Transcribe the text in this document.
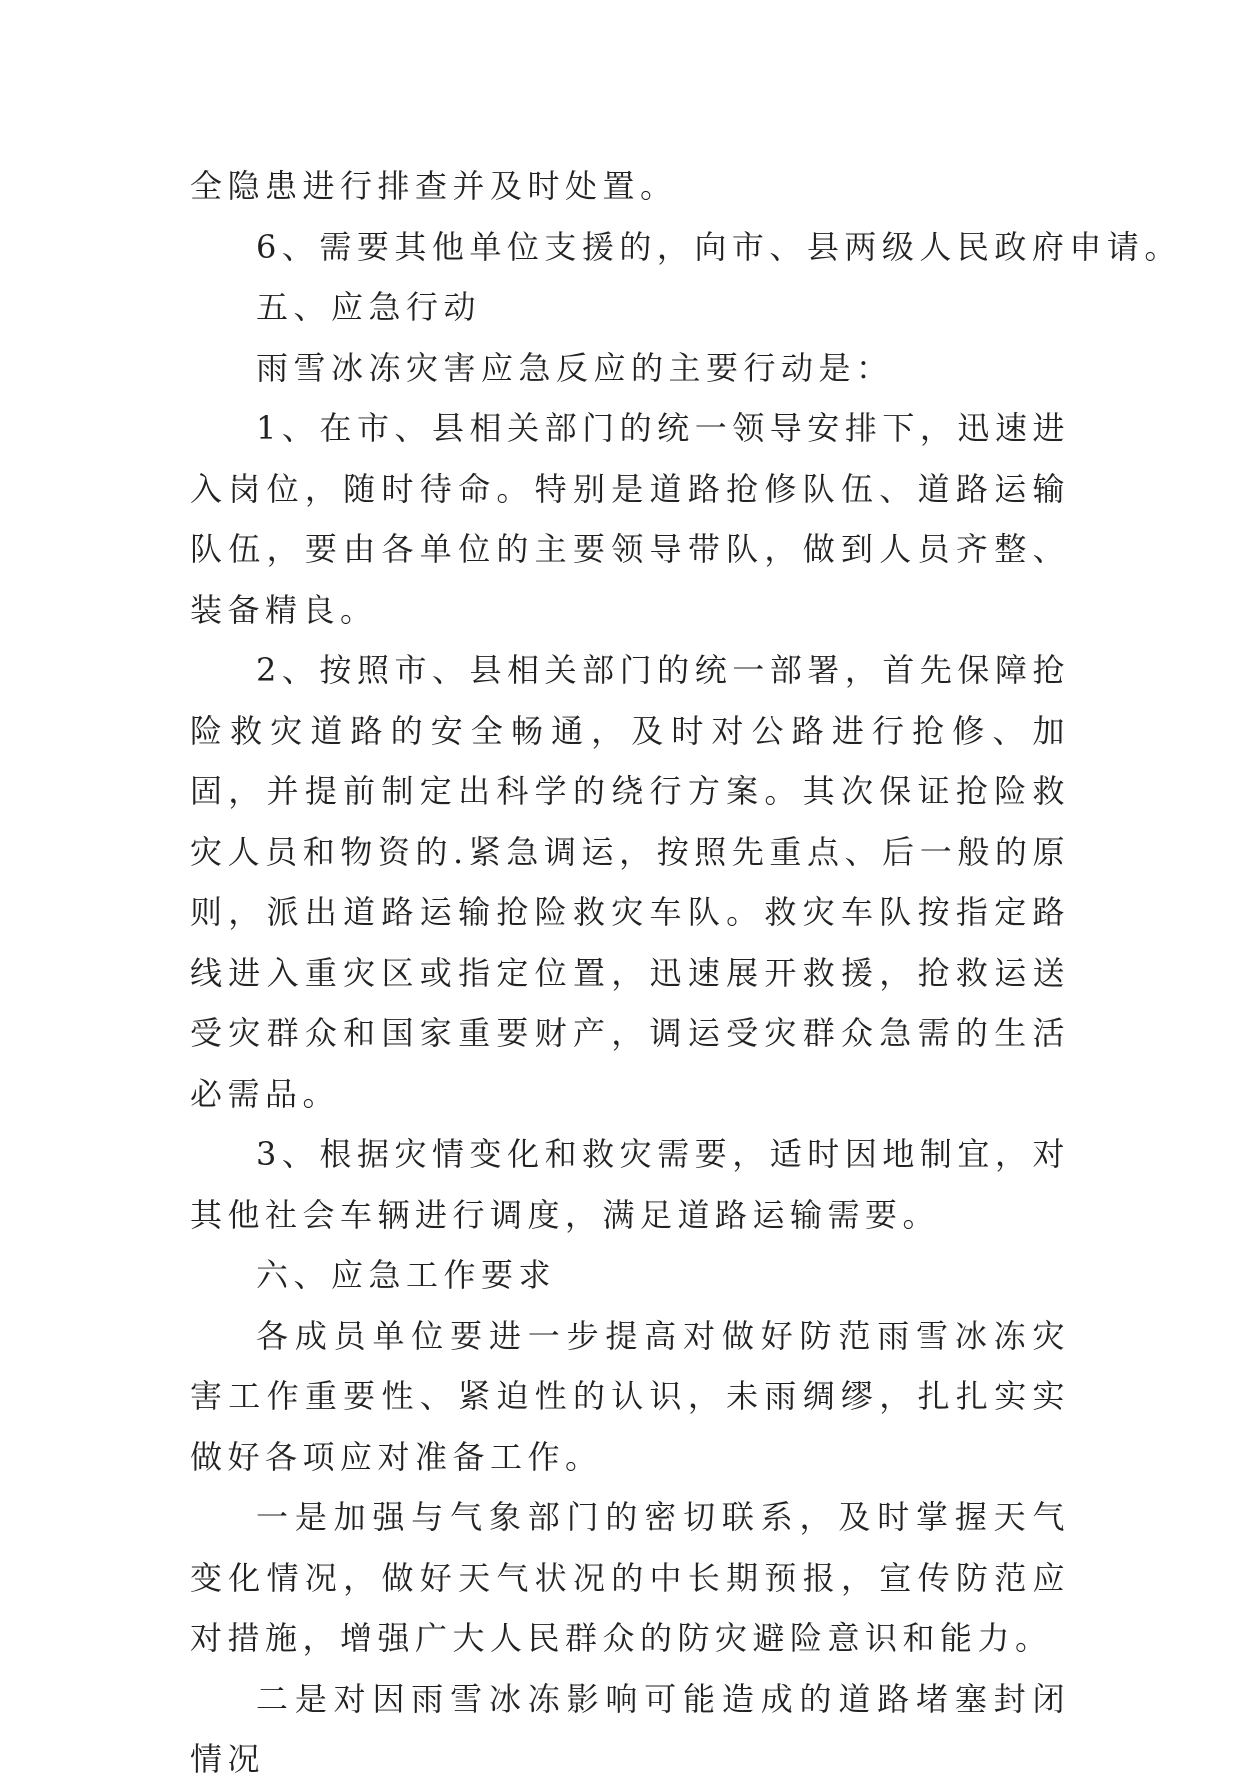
全隐患进行排查并及时处置。

6、需要其他单位支援的，向市、县两级人民政府申请。

五、应急行动

雨雪冰冻灾害应急反应的主要行动是：

1、在市、县相关部门的统一领导安排下，迅速进入岗位，随时待命。特别是道路抢修队伍、道路运输队伍，要由各单位的主要领导带队，做到人员齐整、装备精良。

2、按照市、县相关部门的统一部署，首先保障抢险救灾道路的安全畅通，及时对公路进行抢修、加固，并提前制定出科学的绕行方案。其次保证抢险救灾人员和物资的.紧急调运，按照先重点、后一般的原则，派出道路运输抢险救灾车队。救灾车队按指定路线进入重灾区或指定位置，迅速展开救援，抢救运送受灾群众和国家重要财产，调运受灾群众急需的生活必需品。

3、根据灾情变化和救灾需要，适时因地制宜，对其他社会车辆进行调度，满足道路运输需要。

六、应急工作要求

各成员单位要进一步提高对做好防范雨雪冰冻灾害工作重要性、紧迫性的认识，未雨绸缪，扎扎实实做好各项应对准备工作。

一是加强与气象部门的密切联系，及时掌握天气变化情况，做好天气状况的中长期预报，宣传防范应对措施，增强广大人民群众的防灾避险意识和能力。

二是对因雨雪冰冻影响可能造成的道路堵塞封闭情况
